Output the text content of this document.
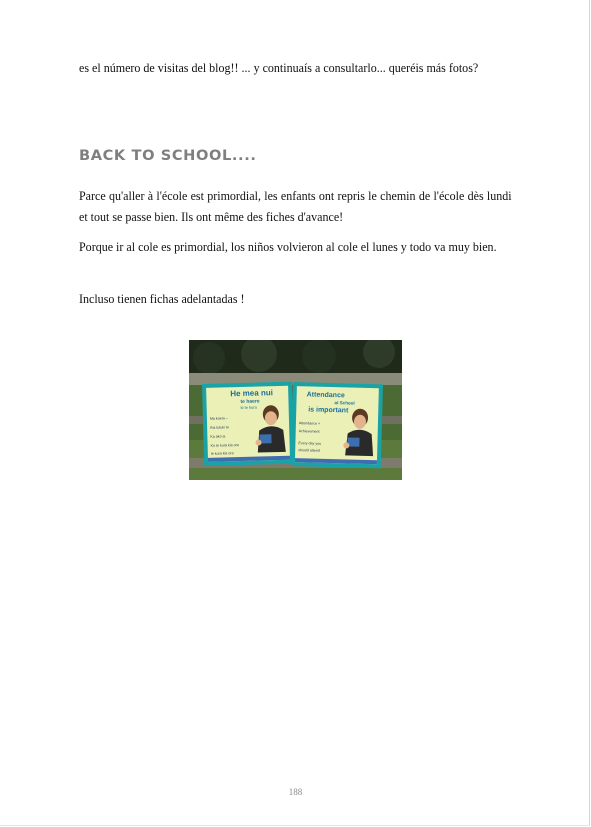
es el número de visitas del blog!! ... y continuaís a consultarlo... queréis más fotos?

BACK TO SCHOOL....

Parce qu'aller à l'école est primordial, les enfants ont repris le chemin de l'école dès lundi et tout se passe bien. Ils ont même des fiches d'avance!

Porque ir al cole es primordial, los niños volvieron al cole el lunes y todo va muy bien.

Incluso tienen fichas adelantadas !

He mea nui
te haere
ki te kura
Ma koero –
Kia tutuki te
Ka ako ia
Ko te kura kia ora
te kura kia ora
Attendance
at School
is important
Attendance =
Achievement
Every day you
should attend
188
